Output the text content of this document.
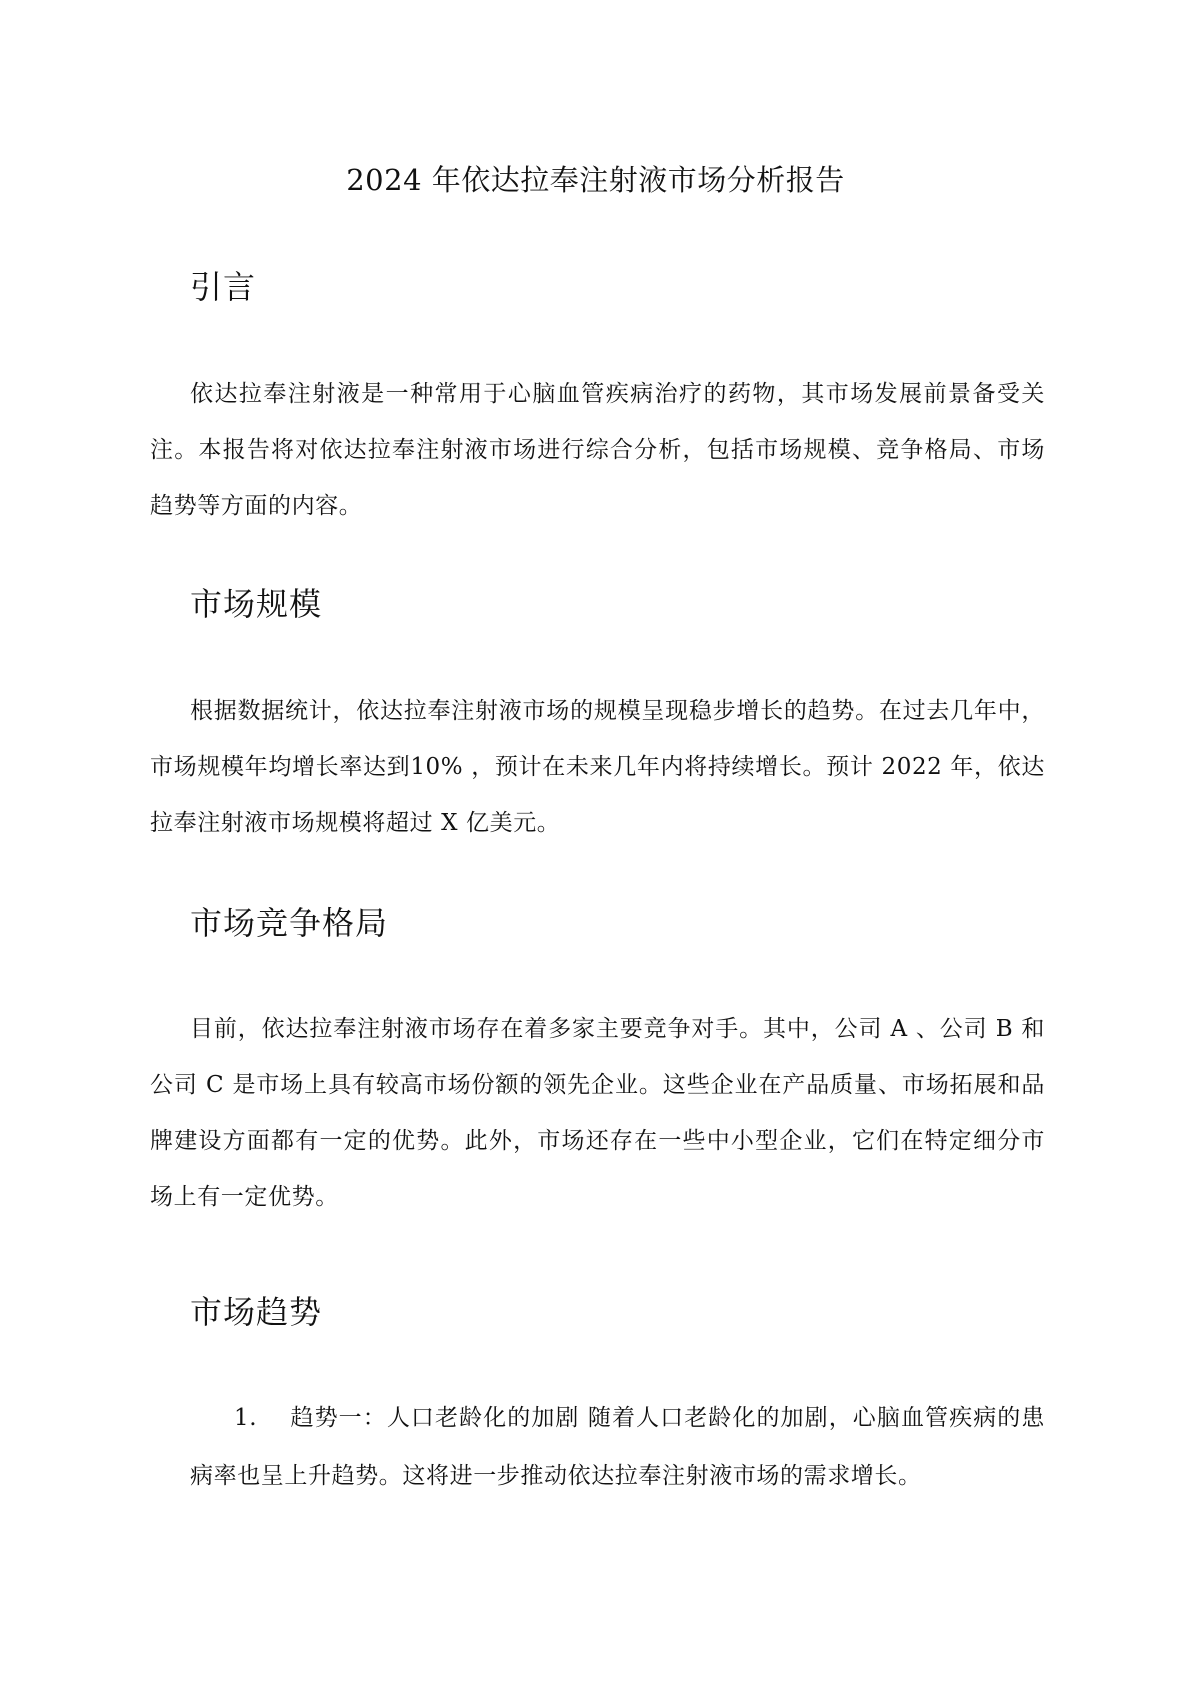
2024 年依达拉奉注射液市场分析报告
引言

依达拉奉注射液是一种常用于心脑血管疾病治疗的药物，其市场发展前景备受关注。本报告将对依达拉奉注射液市场进行综合分析，包括市场规模、竞争格局、市场趋势等方面的内容。

市场规模

根据数据统计，依达拉奉注射液市场的规模呈现稳步增长的趋势。在过去几年中，市场规模年均增长率达到10% ，预计在未来几年内将持续增长。预计 2022 年，依达拉奉注射液市场规模将超过 X 亿美元。

市场竞争格局

目前，依达拉奉注射液市场存在着多家主要竞争对手。其中，公司 A 、公司 B 和公司 C 是市场上具有较高市场份额的领先企业。这些企业在产品质量、市场拓展和品牌建设方面都有一定的优势。此外，市场还存在一些中小型企业，它们在特定细分市场上有一定优势。

市场趋势

1. 趋势一：人口老龄化的加剧 随着人口老龄化的加剧，心脑血管疾病的患病率也呈上升趋势。这将进一步推动依达拉奉注射液市场的需求增长。
